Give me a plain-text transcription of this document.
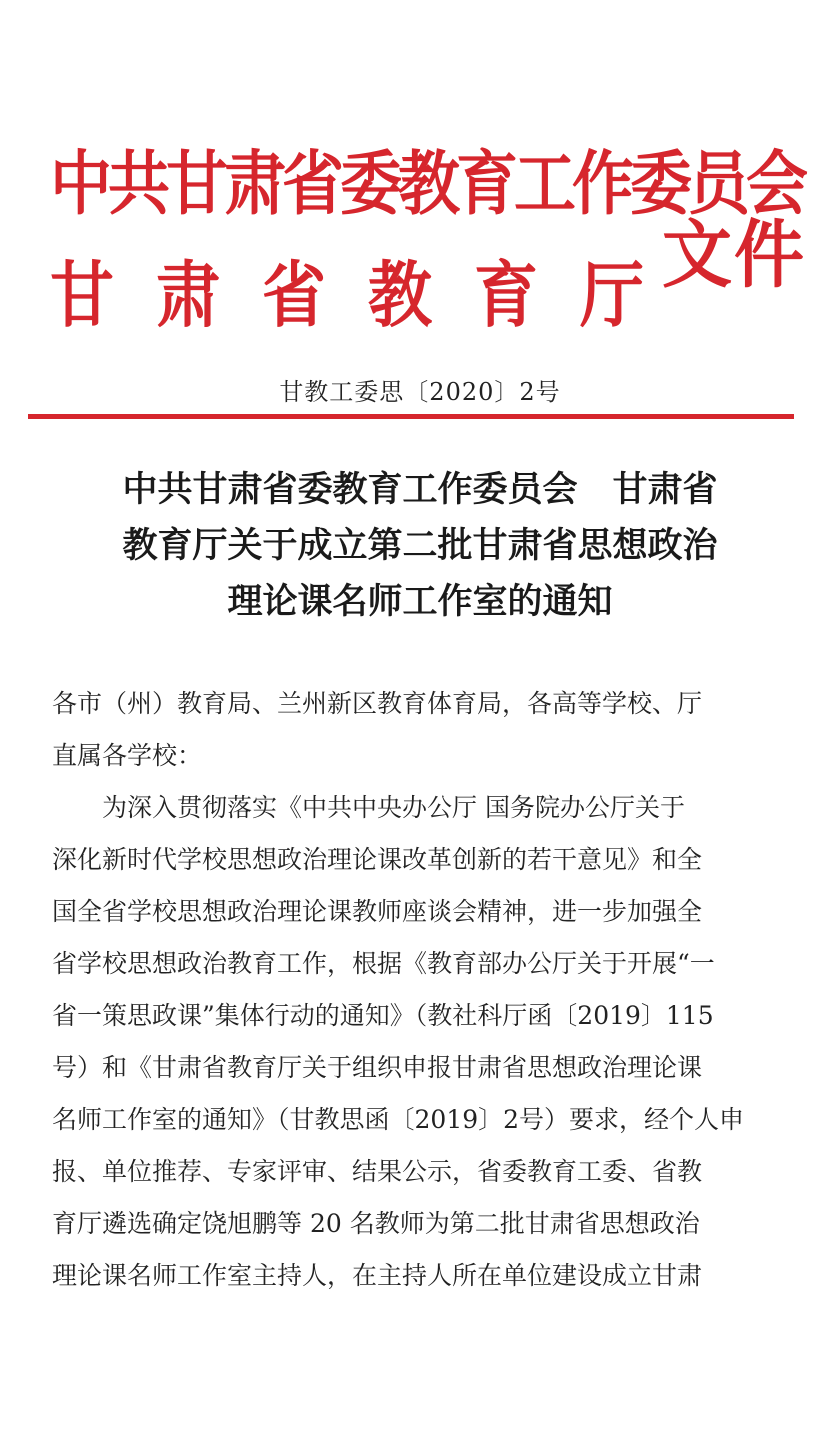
中共甘肃省委教育工作委员会
甘肃省教育厅
文件
甘教工委思〔2020〕2号
中共甘肃省委教育工作委员会　甘肃省
教育厅关于成立第二批甘肃省思想政治
理论课名师工作室的通知
各市（州）教育局、兰州新区教育体育局，各高等学校、厅
直属各学校：
　　为深入贯彻落实《中共中央办公厅 国务院办公厅关于
深化新时代学校思想政治理论课改革创新的若干意见》和全
国全省学校思想政治理论课教师座谈会精神，进一步加强全
省学校思想政治教育工作，根据《教育部办公厅关于开展“一
省一策思政课”集体行动的通知》（教社科厅函〔2019〕115
号）和《甘肃省教育厅关于组织申报甘肃省思想政治理论课
名师工作室的通知》（甘教思函〔2019〕2号）要求，经个人申
报、单位推荐、专家评审、结果公示，省委教育工委、省教
育厅遴选确定饶旭鹏等 20 名教师为第二批甘肃省思想政治
理论课名师工作室主持人，在主持人所在单位建设成立甘肃
